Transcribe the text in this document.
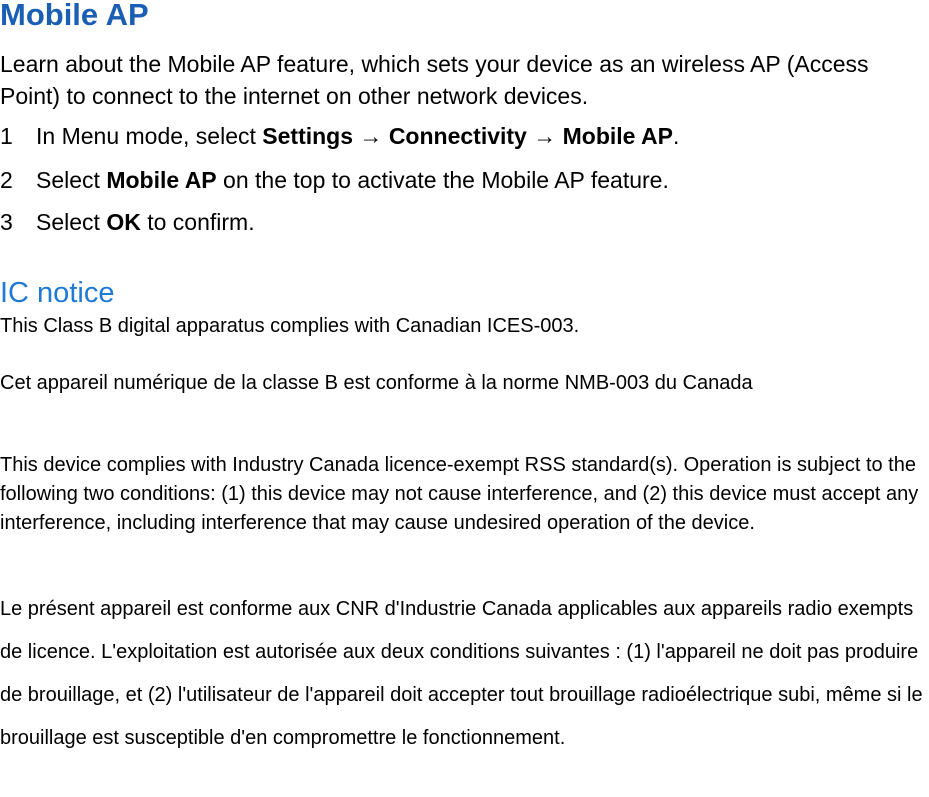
Mobile AP

Learn about the Mobile AP feature, which sets your device as an wireless AP (Access Point) to connect to the internet on other network devices.

1 In Menu mode, select Settings → Connectivity → Mobile AP.

2 Select Mobile AP on the top to activate the Mobile AP feature.

3 Select OK to confirm.

IC notice

This Class B digital apparatus complies with Canadian ICES-003.

Cet appareil numérique de la classe B est conforme à la norme NMB-003 du Canada

This device complies with Industry Canada licence-exempt RSS standard(s). Operation is subject to the following two conditions: (1) this device may not cause interference, and (2) this device must accept any interference, including interference that may cause undesired operation of the device.

Le présent appareil est conforme aux CNR d'Industrie Canada applicables aux appareils radio exempts de licence. L'exploitation est autorisée aux deux conditions suivantes : (1) l'appareil ne doit pas produire de brouillage, et (2) l'utilisateur de l'appareil doit accepter tout brouillage radioélectrique subi, même si le brouillage est susceptible d'en compromettre le fonctionnement.
